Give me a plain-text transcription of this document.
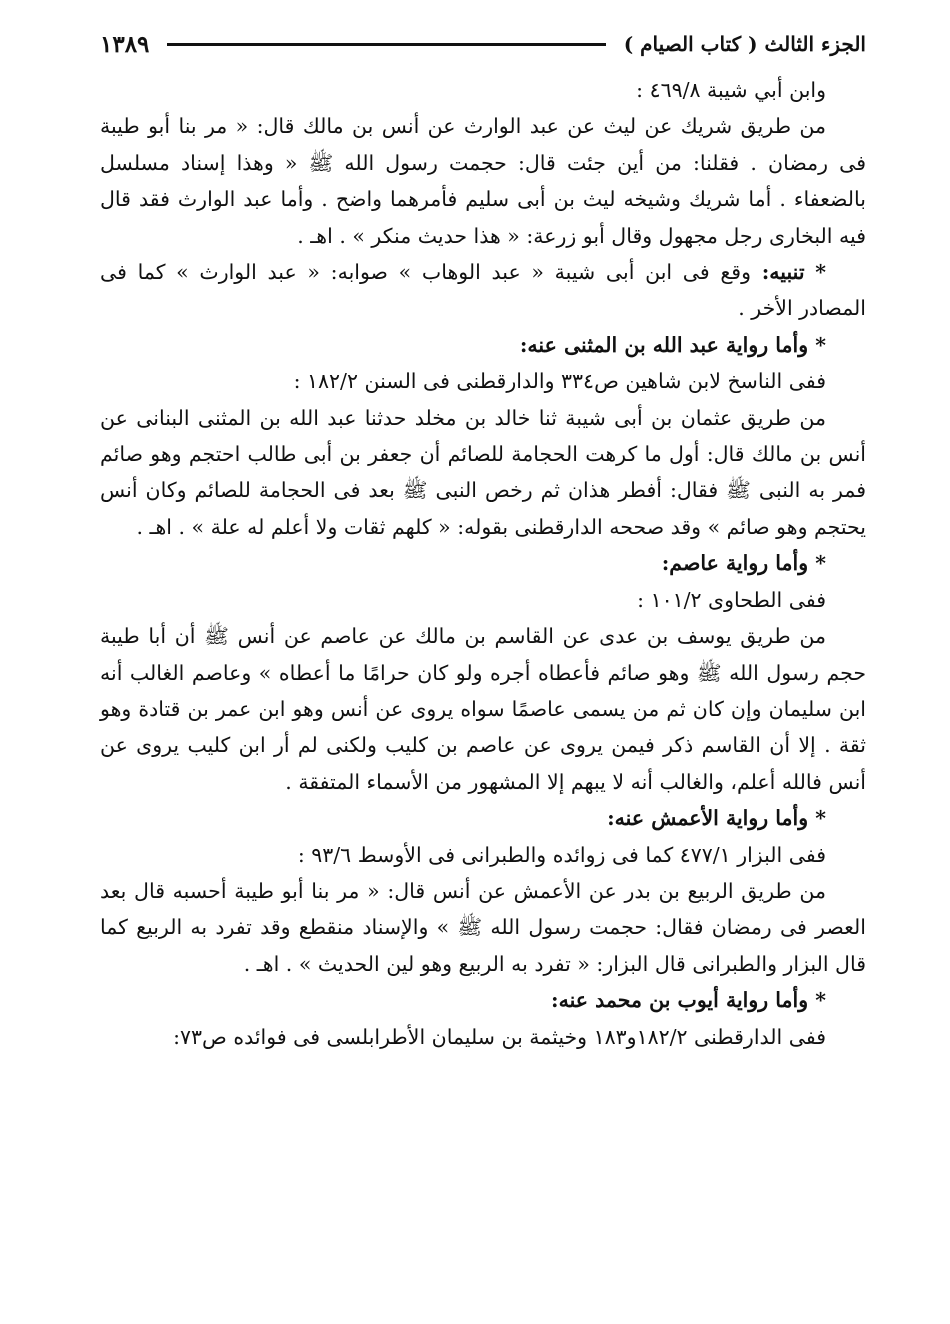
الجزء الثالث ( كتاب الصيام )
١٣٨٩

وابن أبي شيبة ٤٦٩/٨ :

من طريق شريك عن ليث عن عبد الوارث عن أنس بن مالك قال: « مر بنا أبو طيبة فى رمضان . فقلنا: من أين جئت قال: حجمت رسول الله ﷺ « وهذا إسناد مسلسل بالضعفاء . أما شريك وشيخه ليث بن أبى سليم فأمرهما واضح . وأما عبد الوارث فقد قال فيه البخارى رجل مجهول وقال أبو زرعة: « هذا حديث منكر » . اهـ .

* تنبيه: وقع فى ابن أبى شيبة « عبد الوهاب » صوابه: « عبد الوارث » كما فى المصادر الأخر .

* وأما رواية عبد الله بن المثنى عنه:

ففى الناسخ لابن شاهين ص٣٣٤ والدارقطنى فى السنن ١٨٢/٢ :

من طريق عثمان بن أبى شيبة ثنا خالد بن مخلد حدثنا عبد الله بن المثنى البنانى عن أنس بن مالك قال: أول ما كرهت الحجامة للصائم أن جعفر بن أبى طالب احتجم وهو صائم فمر به النبى ﷺ فقال: أفطر هذان ثم رخص النبى ﷺ بعد فى الحجامة للصائم وكان أنس يحتجم وهو صائم » وقد صححه الدارقطنى بقوله: « كلهم ثقات ولا أعلم له علة » . اهـ .

* وأما رواية عاصم:

ففى الطحاوى ١٠١/٢ :

من طريق يوسف بن عدى عن القاسم بن مالك عن عاصم عن أنس ﷺ أن أبا طيبة حجم رسول الله ﷺ وهو صائم فأعطاه أجره ولو كان حرامًا ما أعطاه » وعاصم الغالب أنه ابن سليمان وإن كان ثم من يسمى عاصمًا سواه يروى عن أنس وهو ابن عمر بن قتادة وهو ثقة . إلا أن القاسم ذكر فيمن يروى عن عاصم بن كليب ولكنى لم أر ابن كليب يروى عن أنس فالله أعلم، والغالب أنه لا يبهم إلا المشهور من الأسماء المتفقة .

* وأما رواية الأعمش عنه:

ففى البزار ٤٧٧/١ كما فى زوائده والطبرانى فى الأوسط ٩٣/٦ :

من طريق الربيع بن بدر عن الأعمش عن أنس قال: « مر بنا أبو طيبة أحسبه قال بعد العصر فى رمضان فقال: حجمت رسول الله ﷺ » والإسناد منقطع وقد تفرد به الربيع كما قال البزار والطبرانى قال البزار: « تفرد به الربيع وهو لين الحديث » . اهـ .

* وأما رواية أيوب بن محمد عنه:

ففى الدارقطنى ١٨٢/٢و١٨٣ وخيثمة بن سليمان الأطرابلسى فى فوائده ص٧٣:
